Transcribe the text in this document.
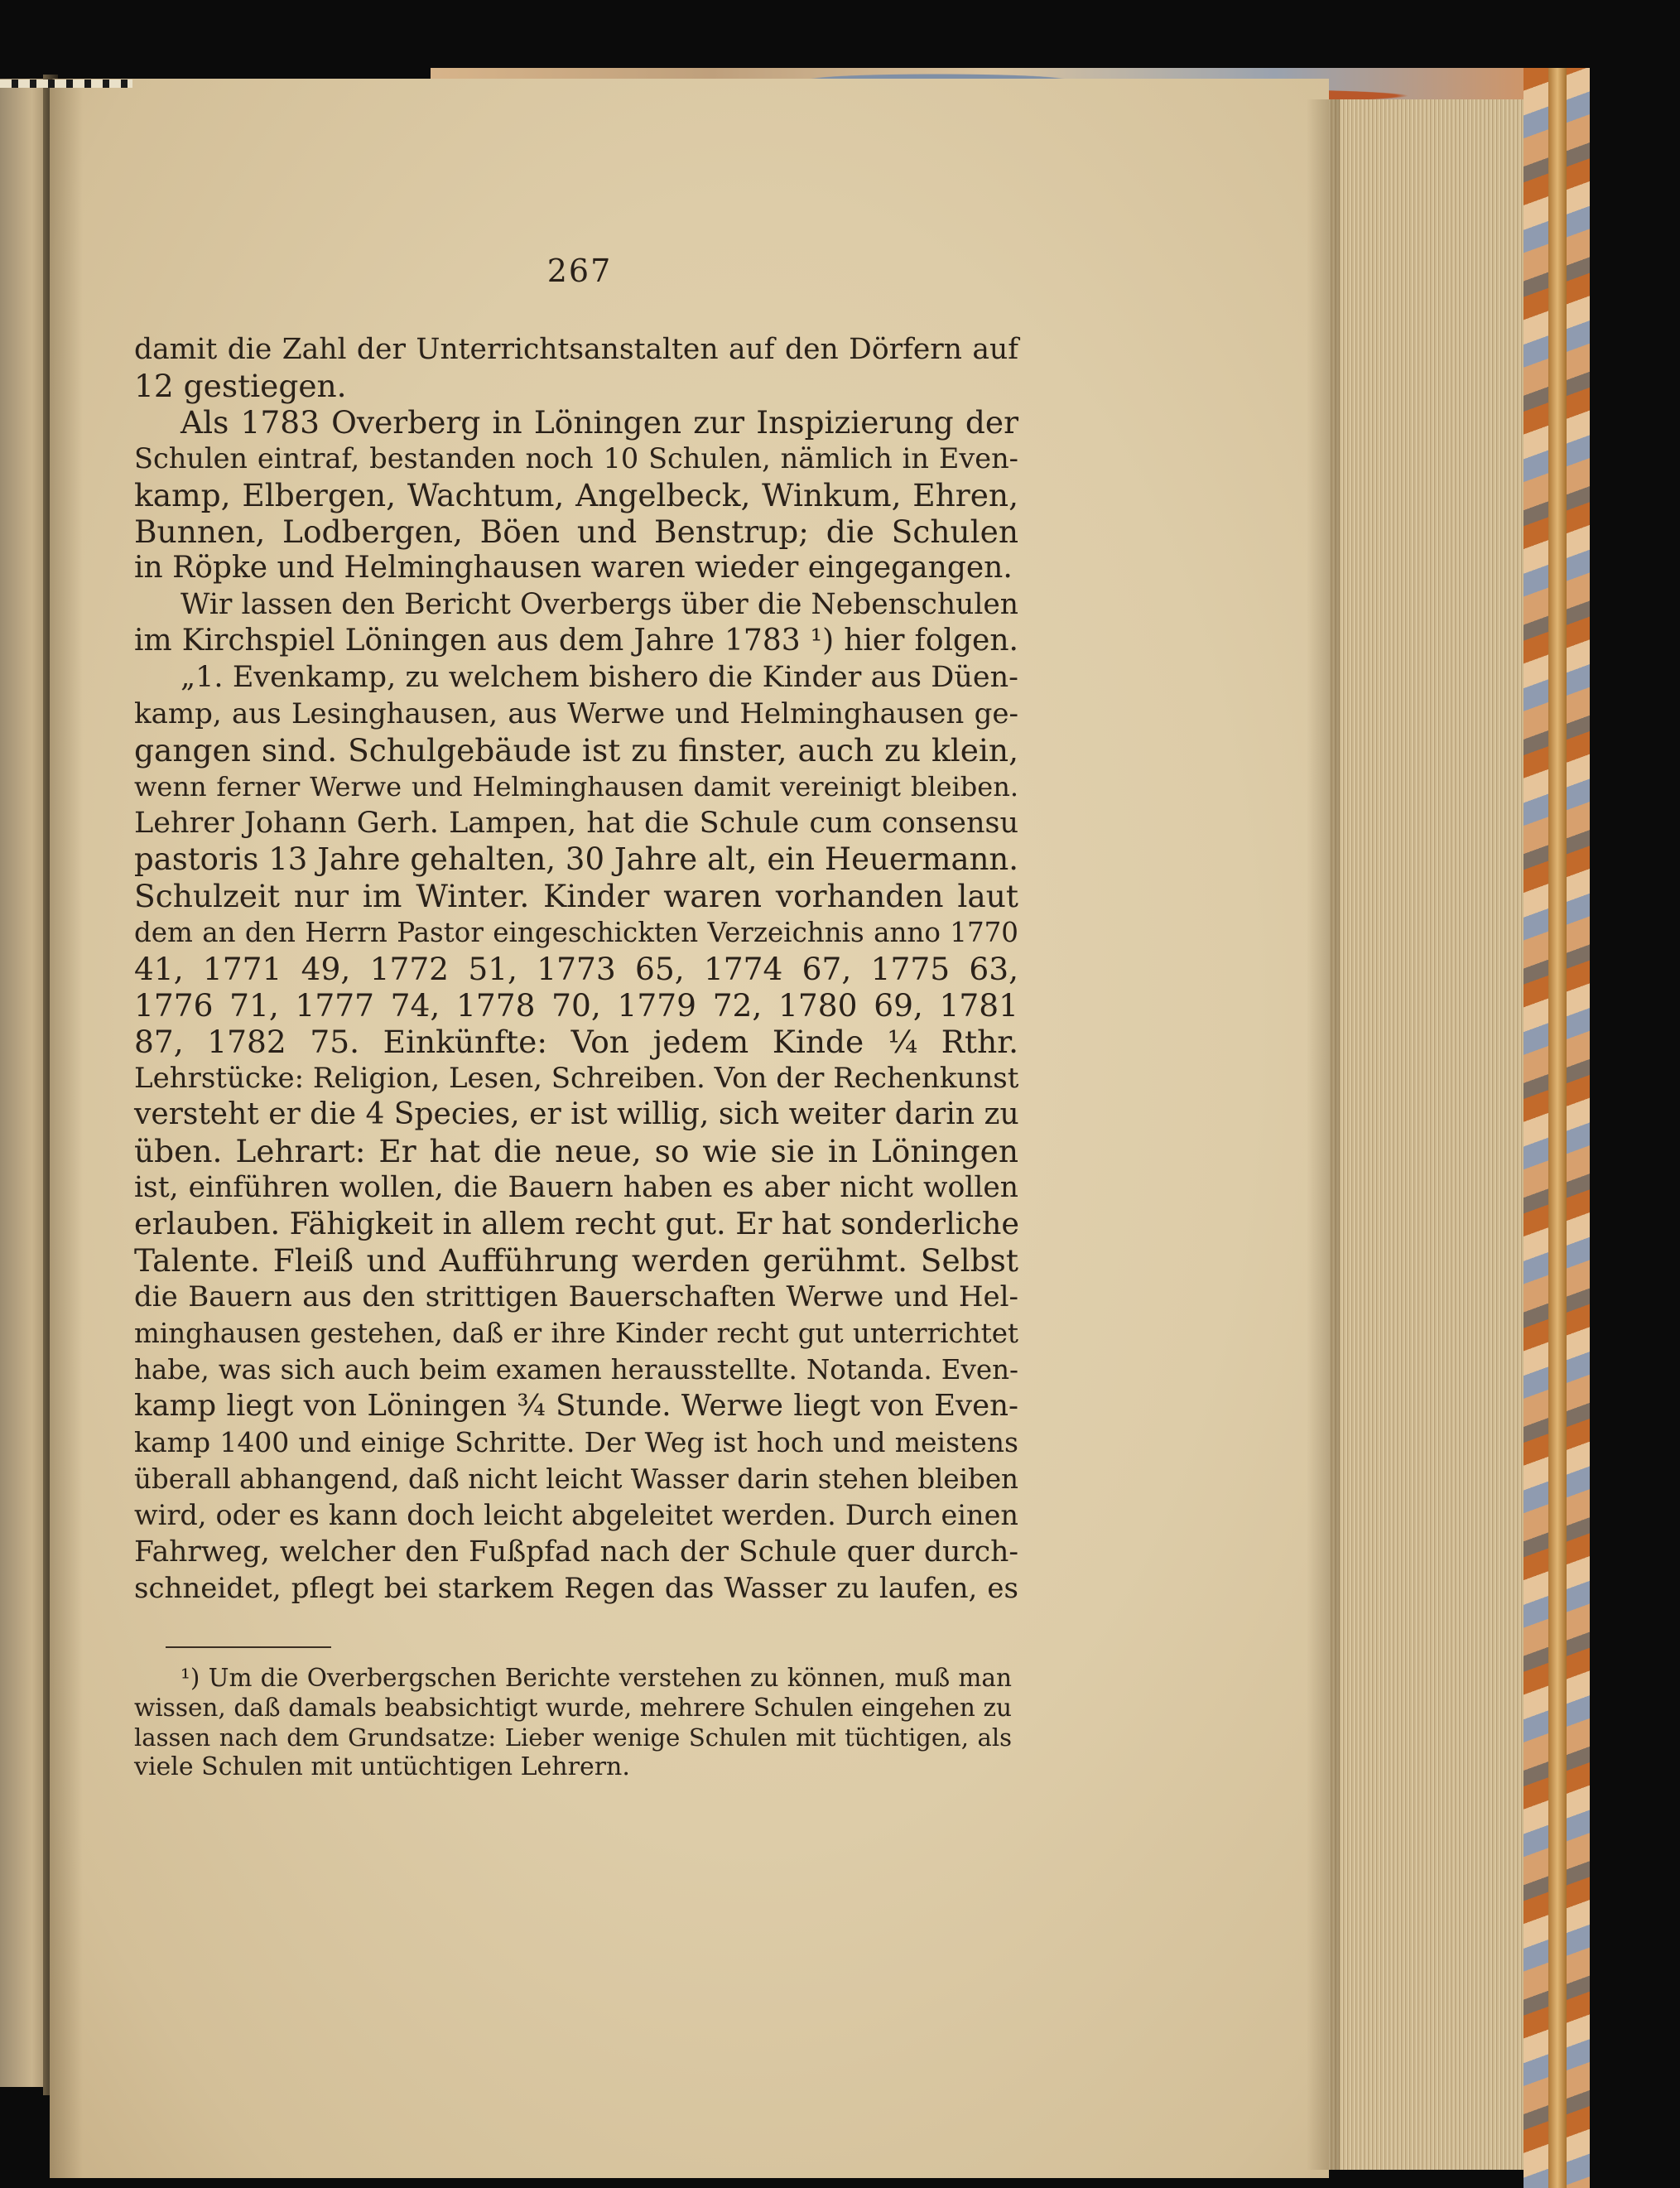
267
damit die Zahl der Unterrichtsanstalten auf den Dörfern auf
12 gestiegen.
Als 1783 Overberg in Löningen zur Inspizierung der
Schulen eintraf, bestanden noch 10 Schulen, nämlich in Even-
kamp, Elbergen, Wachtum, Angelbeck, Winkum, Ehren,
Bunnen, Lodbergen, Böen und Benstrup; die Schulen
in Röpke und Helminghausen waren wieder eingegangen.
Wir lassen den Bericht Overbergs über die Nebenschulen
im Kirchspiel Löningen aus dem Jahre 1783 ¹) hier folgen.
„1. Evenkamp, zu welchem bishero die Kinder aus Düen-
kamp, aus Lesinghausen, aus Werwe und Helminghausen ge-
gangen sind. Schulgebäude ist zu finster, auch zu klein,
wenn ferner Werwe und Helminghausen damit vereinigt bleiben.
Lehrer Johann Gerh. Lampen, hat die Schule cum consensu
pastoris 13 Jahre gehalten, 30 Jahre alt, ein Heuermann.
Schulzeit nur im Winter. Kinder waren vorhanden laut
dem an den Herrn Pastor eingeschickten Verzeichnis anno 1770
41, 1771 49, 1772 51, 1773 65, 1774 67, 1775 63,
1776 71, 1777 74, 1778 70, 1779 72, 1780 69, 1781
87, 1782 75. Einkünfte: Von jedem Kinde ¼ Rthr.
Lehrstücke: Religion, Lesen, Schreiben. Von der Rechenkunst
versteht er die 4 Species, er ist willig, sich weiter darin zu
üben. Lehrart: Er hat die neue, so wie sie in Löningen
ist, einführen wollen, die Bauern haben es aber nicht wollen
erlauben. Fähigkeit in allem recht gut. Er hat sonderliche
Talente. Fleiß und Aufführung werden gerühmt. Selbst
die Bauern aus den strittigen Bauerschaften Werwe und Hel-
minghausen gestehen, daß er ihre Kinder recht gut unterrichtet
habe, was sich auch beim examen herausstellte. Notanda. Even-
kamp liegt von Löningen ¾ Stunde. Werwe liegt von Even-
kamp 1400 und einige Schritte. Der Weg ist hoch und meistens
überall abhangend, daß nicht leicht Wasser darin stehen bleiben
wird, oder es kann doch leicht abgeleitet werden. Durch einen
Fahrweg, welcher den Fußpfad nach der Schule quer durch-
schneidet, pflegt bei starkem Regen das Wasser zu laufen, es
¹) Um die Overbergschen Berichte verstehen zu können, muß man
wissen, daß damals beabsichtigt wurde, mehrere Schulen eingehen zu
lassen nach dem Grundsatze: Lieber wenige Schulen mit tüchtigen, als
viele Schulen mit untüchtigen Lehrern.
